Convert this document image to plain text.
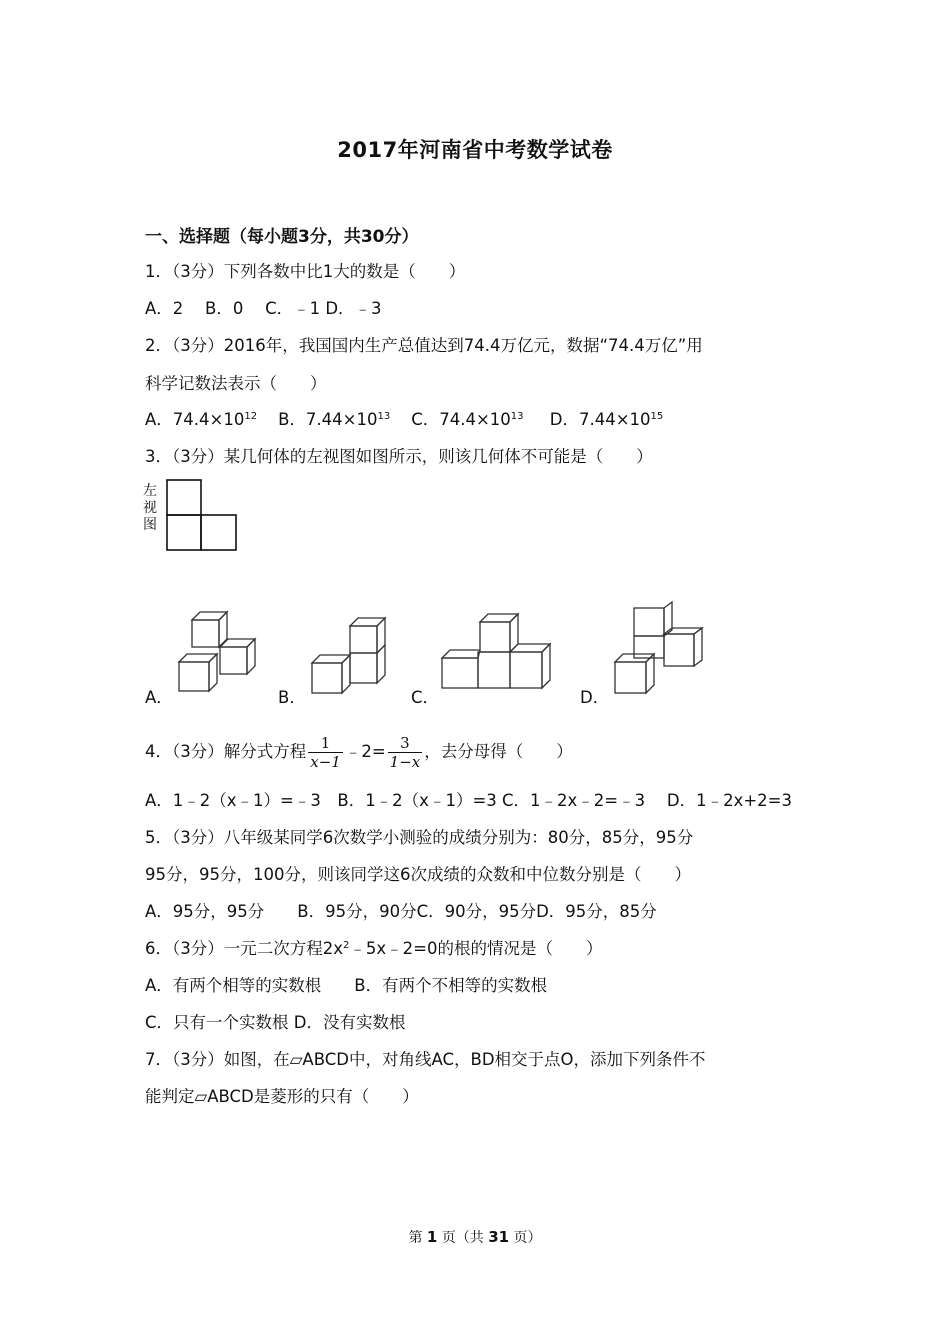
2017年河南省中考数学试卷
一、选择题（每小题3分，共30分）
1．（3分）下列各数中比1大的数是（　　）
A．2　 B．0　 C．﹣1 D．﹣3
2．（3分）2016年，我国国内生产总值达到74.4万亿元，数据“74.4万亿”用
科学记数法表示（　　）
A．$74.4\times 10^{12}$ B．$7.44\times 10^{13}$ C．$74.4\times 10^{13}$ D．$7.44\times 10^{15}$
3．（3分）某几何体的左视图如图所示，则该几何体不可能是（　　）
左
视
图
A．	B．	C．	D．
4．（3分）解分式方程 $\frac{1}{x-1}$ ﹣2= $\frac{3}{1-x}$ ，去分母得（　　）
A．1﹣2（x﹣1）=﹣3　B．1﹣2（x﹣1）=3 C．1﹣2x﹣2=﹣3　 D．1﹣2x+2=3
5．（3分）八年级某同学6次数学小测验的成绩分别为：80分，85分，95分
95分，95分，100分，则该同学这6次成绩的众数和中位数分别是（　　）
A．95分，95分　　B．95分，90分C．90分，95分D．95分，85分
6．（3分）一元二次方程$2x^2﹣5x﹣2=0$的根的情况是（　　）
A．有两个相等的实数根　　B．有两个不相等的实数根
C．只有一个实数根 D．没有实数根
7．（3分）如图，在▱ABCD中，对角线AC，BD相交于点O，添加下列条件不
能判定▱ABCD是菱形的只有（　　）
第 1 页（共 31 页）
